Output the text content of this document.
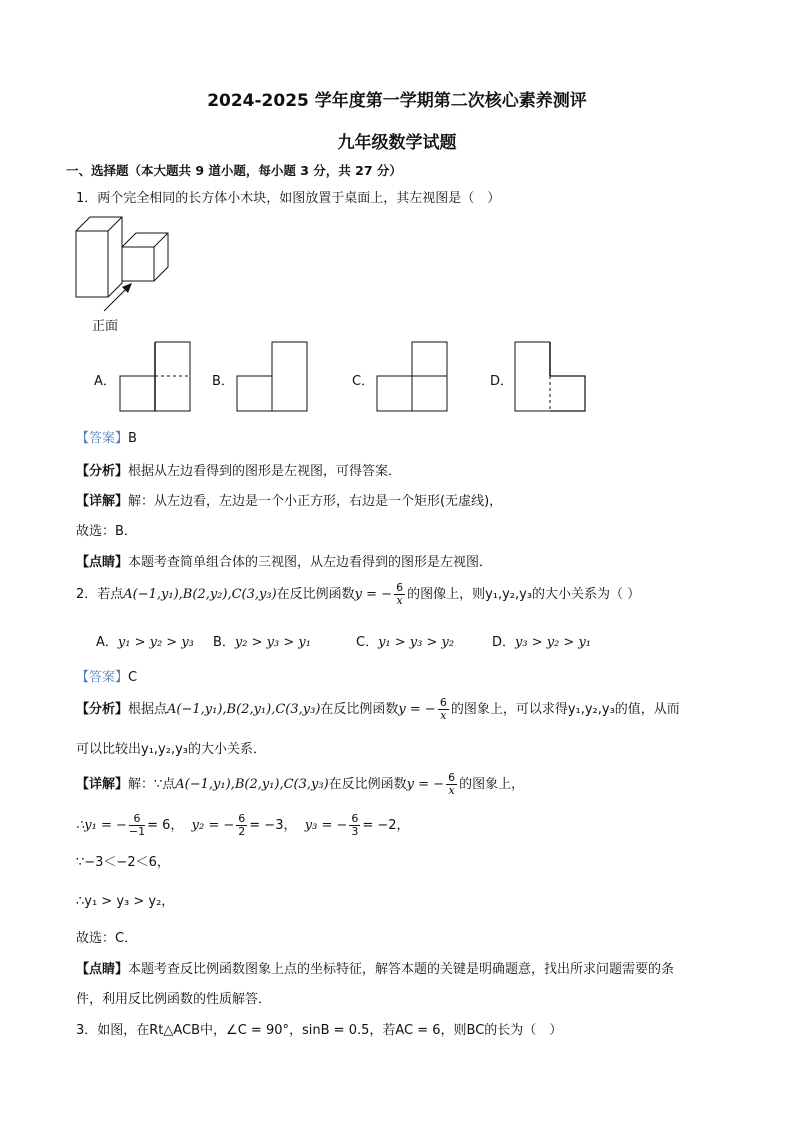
2024-2025 学年度第一学期第二次核心素养测评
九年级数学试题
一、选择题（本大题共 9 道小题，每小题 3 分，共 27 分）
1．两个完全相同的长方体小木块，如图放置于桌面上，其左视图是（　）
正面
A．	B．	C．	D．
【答案】B
【分析】根据从左边看得到的图形是左视图，可得答案．
【详解】解：从左边看，左边是一个小正方形，右边是一个矩形(无虚线)，
故选：B．
【点睛】本题考查简单组合体的三视图，从左边看得到的图形是左视图．
2．若点A(−1,y₁),B(2,y₂),C(3,y₃)在反比例函数y = − $\frac{6}{x}$ 的图像上，则y₁,y₂,y₃的大小关系为（ ）
A．y₁ > y₂ > y₃ B．y₂ > y₃ > y₁	C．y₁ > y₃ > y₂	D．y₃ > y₂ > y₁
【答案】C
【分析】根据点A(−1,y₁),B(2,y₁),C(3,y₃)在反比例函数y = − $\frac{6}{x}$ 的图象上，可以求得y₁,y₂,y₃的值，从而
可以比较出y₁,y₂,y₃的大小关系．
【详解】解：∵点A(−1,y₁),B(2,y₁),C(3,y₃)在反比例函数y = − $\frac{6}{x}$ 的图象上，
∴y₁ = − $\frac{6}{-1} = 6$， y₂ = − $\frac{6}{2} = -3$， y₃ = − $\frac{6}{3} = -2$，
∵−3＜−2＜6，
∴y₁ > y₃ > y₂，
故选：C．
【点睛】本题考查反比例函数图象上点的坐标特征，解答本题的关键是明确题意，找出所求问题需要的条
件，利用反比例函数的性质解答．
3．如图，在Rt△ACB中，∠C = 90°，sinB = 0.5，若AC = 6，则BC的长为（　）
